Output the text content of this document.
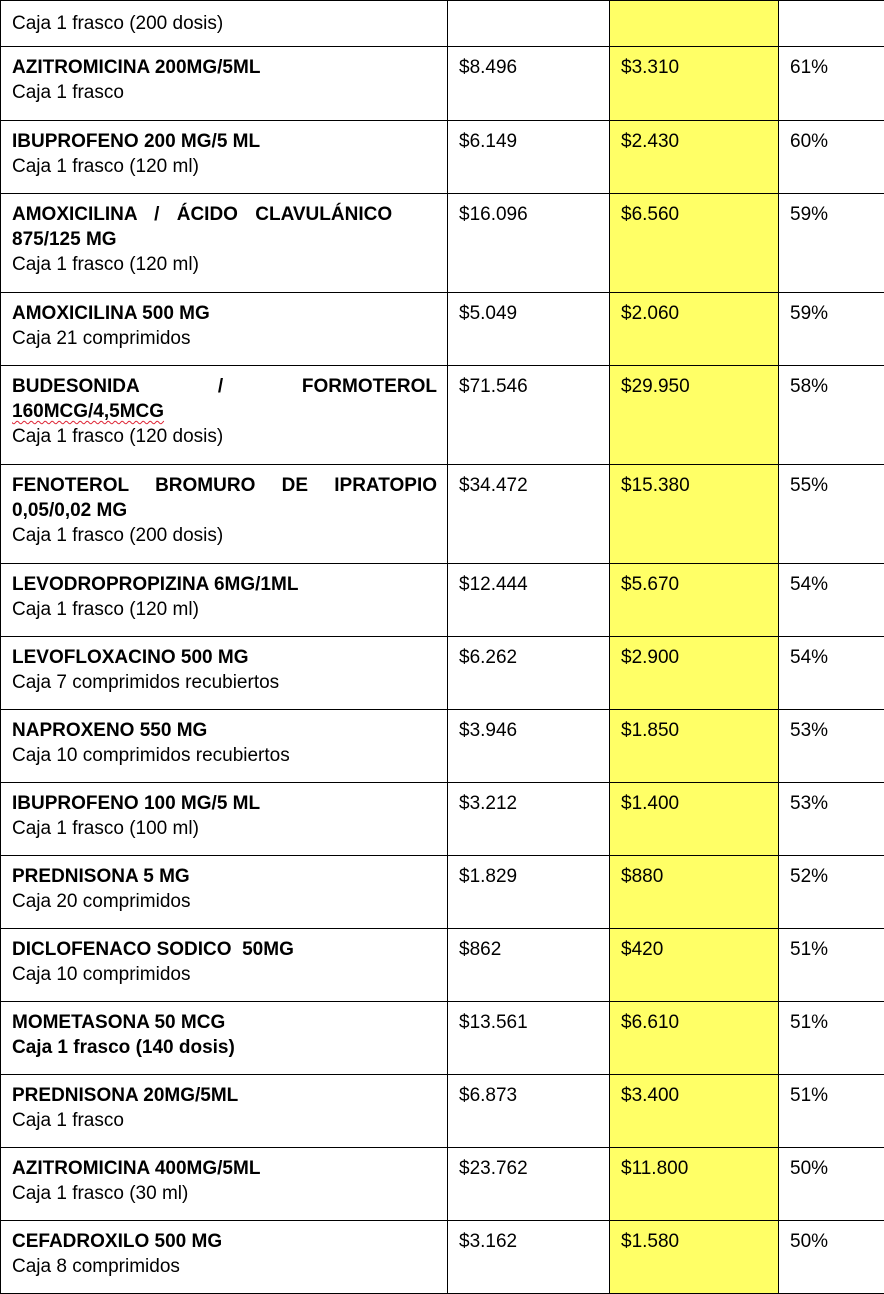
Caja 1 frasco (200 dosis)			

AZITROMICINA 200MG/5ML
Caja 1 frasco	$8.496	$3.310	61%

IBUPROFENO 200 MG/5 ML
Caja 1 frasco (120 ml)	$6.149	$2.430	60%

AMOXICILINA / ÁCIDO CLAVULÁNICO
875/125 MG
Caja 1 frasco (120 ml)	$16.096	$6.560	59%

AMOXICILINA 500 MG
Caja 21 comprimidos	$5.049	$2.060	59%

BUDESONIDA / FORMOTEROL
160MCG/4,5MCG
Caja 1 frasco (120 dosis)	$71.546	$29.950	58%

FENOTEROL BROMURO DE IPRATOPIO
0,05/0,02 MG
Caja 1 frasco (200 dosis)	$34.472	$15.380	55%

LEVODROPROPIZINA 6MG/1ML
Caja 1 frasco (120 ml)	$12.444	$5.670	54%

LEVOFLOXACINO 500 MG
Caja 7 comprimidos recubiertos	$6.262	$2.900	54%

NAPROXENO 550 MG
Caja 10 comprimidos recubiertos	$3.946	$1.850	53%

IBUPROFENO 100 MG/5 ML
Caja 1 frasco (100 ml)	$3.212	$1.400	53%

PREDNISONA 5 MG
Caja 20 comprimidos	$1.829	$880	52%

DICLOFENACO SODICO  50MG
Caja 10 comprimidos	$862	$420	51%

MOMETASONA 50 MCG
Caja 1 frasco (140 dosis)	$13.561	$6.610	51%

PREDNISONA 20MG/5ML
Caja 1 frasco	$6.873	$3.400	51%

AZITROMICINA 400MG/5ML
Caja 1 frasco (30 ml)	$23.762	$11.800	50%

CEFADROXILO 500 MG
Caja 8 comprimidos	$3.162	$1.580	50%
